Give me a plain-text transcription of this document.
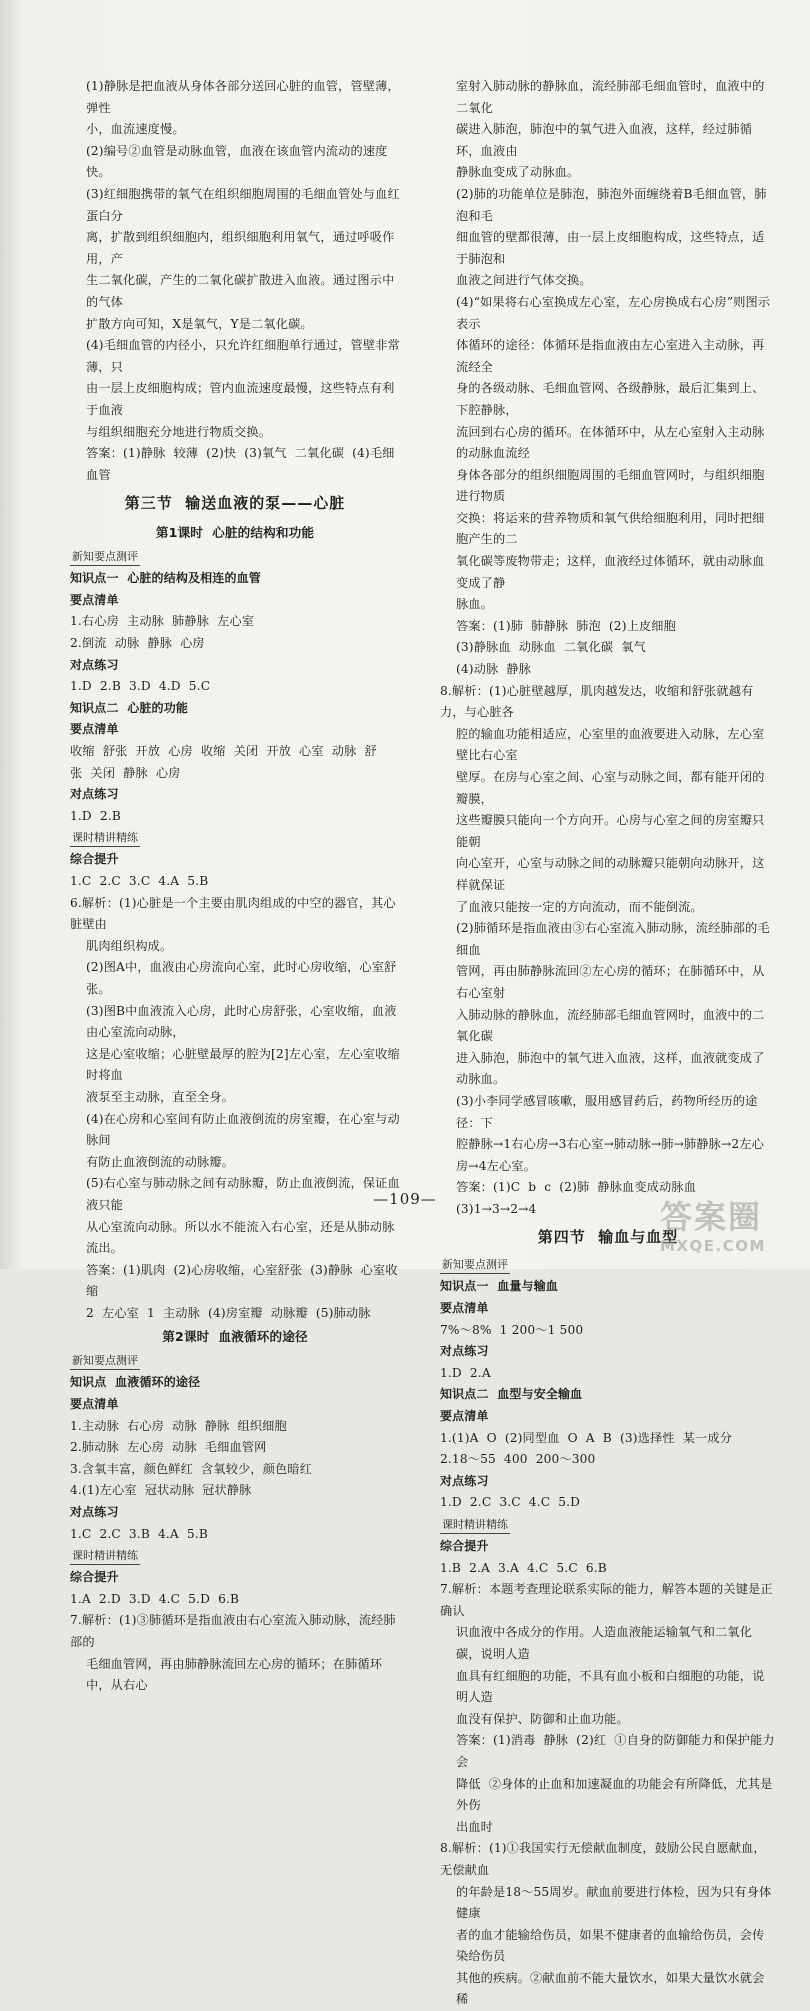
(1)静脉是把血液从身体各部分送回心脏的血管，管壁薄，弹性
小，血流速度慢。
(2)编号②血管是动脉血管，血液在该血管内流动的速度快。
(3)红细胞携带的氧气在组织细胞周围的毛细血管处与血红蛋白分
离，扩散到组织细胞内，组织细胞利用氧气，通过呼吸作用，产
生二氧化碳，产生的二氧化碳扩散进入血液。通过图示中的气体
扩散方向可知，X是氧气，Y是二氧化碳。
(4)毛细血管的内径小，只允许红细胞单行通过，管壁非常薄，只
由一层上皮细胞构成；管内血流速度最慢，这些特点有利于血液
与组织细胞充分地进行物质交换。
答案：(1)静脉  较薄  (2)快  (3)氧气  二氧化碳  (4)毛细
血管
第三节  输送血液的泵——心脏
第1课时  心脏的结构和功能
新知要点测评
知识点一  心脏的结构及相连的血管
要点清单
1.右心房  主动脉  肺静脉  左心室
2.倒流  动脉  静脉  心房
对点练习
1.D  2.B  3.D  4.D  5.C
知识点二  心脏的功能
要点清单
收缩  舒张  开放  心房  收缩  关闭  开放  心室  动脉  舒
张  关闭  静脉  心房
对点练习
1.D  2.B
课时精讲精练
综合提升
1.C  2.C  3.C  4.A  5.B
6.解析：(1)心脏是一个主要由肌肉组成的中空的器官，其心脏壁由
肌肉组织构成。
(2)图A中，血液由心房流向心室，此时心房收缩，心室舒张。
(3)图B中血液流入心房，此时心房舒张，心室收缩，血液由心室流向动脉，
这是心室收缩；心脏壁最厚的腔为[2]左心室，左心室收缩时将血
液泵至主动脉，直至全身。
(4)在心房和心室间有防止血液倒流的房室瓣，在心室与动脉间
有防止血液倒流的动脉瓣。
(5)右心室与肺动脉之间有动脉瓣，防止血液倒流，保证血液只能
从心室流向动脉。所以水不能流入右心室，还是从肺动脉流出。
答案：(1)肌肉  (2)心房收缩，心室舒张  (3)静脉  心室收缩
2  左心室  1  主动脉  (4)房室瓣  动脉瓣  (5)肺动脉
第2课时  血液循环的途径
新知要点测评
知识点  血液循环的途径
要点清单
1.主动脉  右心房  动脉  静脉  组织细胞
2.肺动脉  左心房  动脉  毛细血管网
3.含氧丰富，颜色鲜红  含氧较少，颜色暗红
4.(1)左心室  冠状动脉  冠状静脉
对点练习
1.C  2.C  3.B  4.A  5.B
课时精讲精练
综合提升
1.A  2.D  3.D  4.C  5.D  6.B
7.解析：(1)③肺循环是指血液由右心室流入肺动脉，流经肺部的
毛细血管网，再由肺静脉流回左心房的循环；在肺循环中，从右心
室射入肺动脉的静脉血，流经肺部毛细血管时，血液中的二氧化
碳进入肺泡，肺泡中的氧气进入血液，这样，经过肺循环，血液由
静脉血变成了动脉血。
(2)肺的功能单位是肺泡，肺泡外面缠绕着B毛细血管，肺泡和毛
细血管的壁都很薄，由一层上皮细胞构成，这些特点，适于肺泡和
血液之间进行气体交换。
(4)“如果将右心室换成左心室，左心房换成右心房”则图示表示
体循环的途径：体循环是指血液由左心室进入主动脉，再流经全
身的各级动脉、毛细血管网、各级静脉，最后汇集到上、下腔静脉，
流回到右心房的循环。在体循环中，从左心室射入主动脉的动脉血流经
身体各部分的组织细胞周围的毛细血管网时，与组织细胞进行物质
交换：将运来的营养物质和氧气供给细胞利用，同时把细胞产生的二
氧化碳等废物带走；这样，血液经过体循环，就由动脉血变成了静
脉血。
答案：(1)肺  肺静脉  肺泡  (2)上皮细胞
(3)静脉血  动脉血  二氧化碳  氧气
(4)动脉  静脉
8.解析：(1)心脏壁越厚，肌肉越发达，收缩和舒张就越有力，与心脏各
腔的输血功能相适应，心室里的血液要进入动脉，左心室壁比右心室
壁厚。在房与心室之间、心室与动脉之间，都有能开闭的瓣膜，
这些瓣膜只能向一个方向开。心房与心室之间的房室瓣只能朝
向心室开，心室与动脉之间的动脉瓣只能朝向动脉开，这样就保证
了血液只能按一定的方向流动，而不能倒流。
(2)肺循环是指血液由③右心室流入肺动脉，流经肺部的毛细血
管网，再由肺静脉流回②左心房的循环；在肺循环中，从右心室射
入肺动脉的静脉血，流经肺部毛细血管网时，血液中的二氧化碳
进入肺泡，肺泡中的氧气进入血液，这样，血液就变成了动脉血。
(3)小李同学感冒咳嗽，服用感冒药后，药物所经历的途径：下
腔静脉→1右心房→3右心室→肺动脉→肺→肺静脉→2左心
房→4左心室。
答案：(1)C  b  c  (2)肺  静脉血变成动脉血
(3)1→3→2→4
第四节  输血与血型
新知要点测评
知识点一  血量与输血
要点清单
7%～8%  1 200～1 500
对点练习
1.D  2.A
知识点二  血型与安全输血
要点清单
1.(1)A  O  (2)同型血  O  A  B  (3)选择性  某一成分
2.18～55  400  200～300
对点练习
1.D  2.C  3.C  4.C  5.D
课时精讲精练
综合提升
1.B  2.A  3.A  4.C  5.C  6.B
7.解析：本题考查理论联系实际的能力，解答本题的关键是正确认
识血液中各成分的作用。人造血液能运输氧气和二氧化碳，说明人造
血具有红细胞的功能，不具有血小板和白细胞的功能，说明人造
血没有保护、防御和止血功能。
答案：(1)消毒  静脉  (2)红  ①自身的防御能力和保护能力会
降低  ②身体的止血和加速凝血的功能会有所降低，尤其是外伤
出血时
8.解析：(1)①我国实行无偿献血制度，鼓励公民自愿献血，无偿献血
的年龄是18～55周岁。献血前要进行体检，因为只有身体健康
者的血才能输给伤员，如果不健康者的血输给伤员，会传染给伤员
其他的疾病。②献血前不能大量饮水，如果大量饮水就会稀
—109—	答案圈
MXQE.COM
